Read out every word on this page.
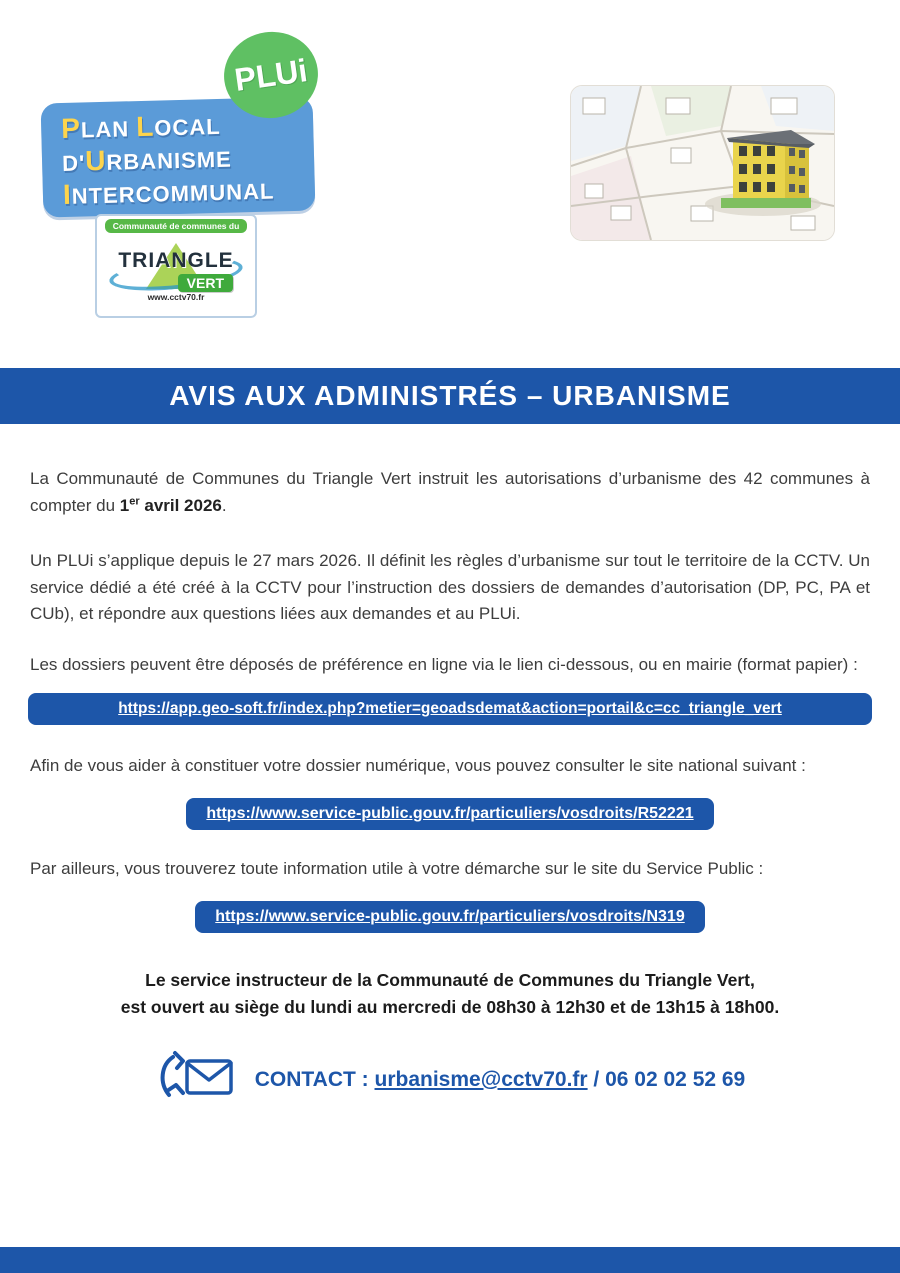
PLUi
PLAN LOCAL
D'URBANISME
INTERCOMMUNAL
Communauté de communes du
TRIANGLE
VERT
www.cctv70.fr
AVIS AUX ADMINISTRÉS – URBANISME

La Communauté de Communes du Triangle Vert instruit les autorisations d’urbanisme des 42 communes à compter du 1er avril 2026.

Un PLUi s’applique depuis le 27 mars 2026. Il définit les règles d’urbanisme sur tout le territoire de la CCTV. Un service dédié a été créé à la CCTV pour l’instruction des dossiers de demandes d’autorisation (DP, PC, PA et CUb), et répondre aux questions liées aux demandes et au PLUi.

Les dossiers peuvent être déposés de préférence en ligne via le lien ci-dessous, ou en mairie (format papier) :

https://app.geo-soft.fr/index.php?metier=geoadsdemat&action=portail&c=cc_triangle_vert

Afin de vous aider à constituer votre dossier numérique, vous pouvez consulter le site national suivant :

https://www.service-public.gouv.fr/particuliers/vosdroits/R52221

Par ailleurs, vous trouverez toute information utile à votre démarche sur le site du Service Public :

https://www.service-public.gouv.fr/particuliers/vosdroits/N319
Le service instructeur de la Communauté de Communes du Triangle Vert,
est ouvert au siège du lundi au mercredi de 08h30 à 12h30 et de 13h15 à 18h00.
CONTACT : urbanisme@cctv70.fr / 06 02 02 52 69
